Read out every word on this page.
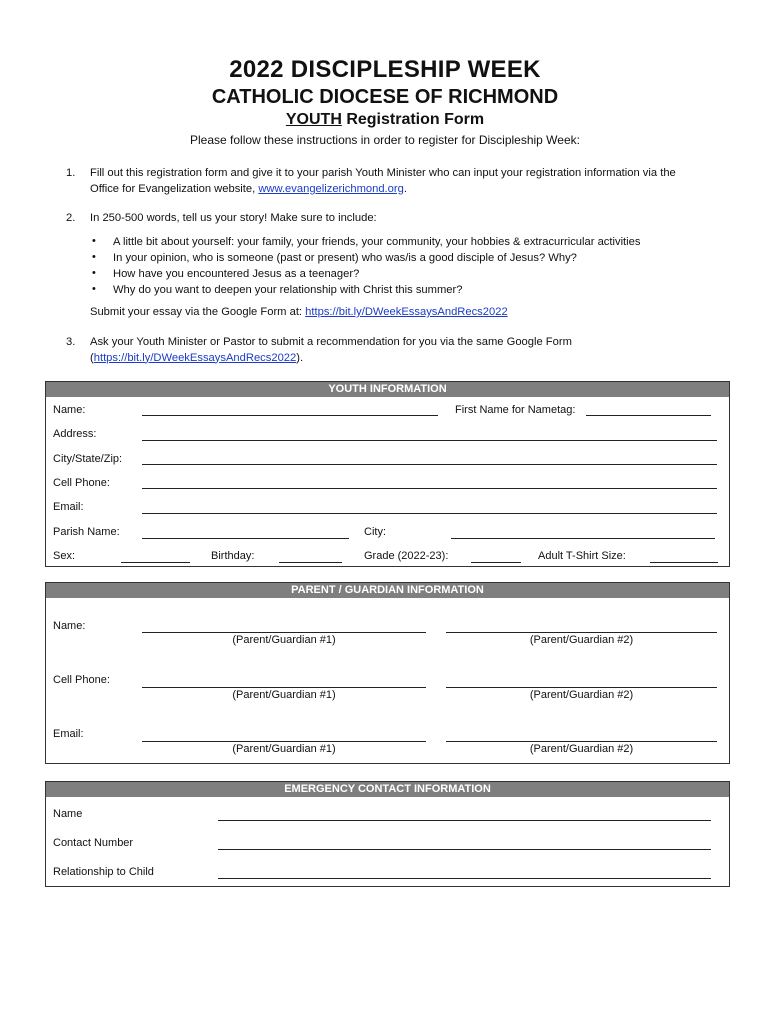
2022 DISCIPLESHIP WEEK
CATHOLIC DIOCESE OF RICHMOND
YOUTH Registration Form
Please follow these instructions in order to register for Discipleship Week:
1. Fill out this registration form and give it to your parish Youth Minister who can input your registration information via the
Office for Evangelization website, www.evangelizerichmond.org.
2. In 250-500 words, tell us your story! Make sure to include:
• A little bit about yourself: your family, your friends, your community, your hobbies & extracurricular activities
• In your opinion, who is someone (past or present) who was/is a good disciple of Jesus? Why?
• How have you encountered Jesus as a teenager?
• Why do you want to deepen your relationship with Christ this summer?
Submit your essay via the Google Form at: https://bit.ly/DWeekEssaysAndRecs2022
3. Ask your Youth Minister or Pastor to submit a recommendation for you via the same Google Form
(https://bit.ly/DWeekEssaysAndRecs2022).
YOUTH INFORMATION
Name:	First Name for Nametag:
Address:
City/State/Zip:
Cell Phone:
Email:
Parish Name:	City:
Sex:	Birthday:	Grade (2022-23):	Adult T-Shirt Size:
PARENT / GUARDIAN INFORMATION
Name:
(Parent/Guardian #1)	(Parent/Guardian #2)
Cell Phone:
(Parent/Guardian #1)	(Parent/Guardian #2)
Email:
(Parent/Guardian #1)	(Parent/Guardian #2)
EMERGENCY CONTACT INFORMATION
Name
Contact Number
Relationship to Child
